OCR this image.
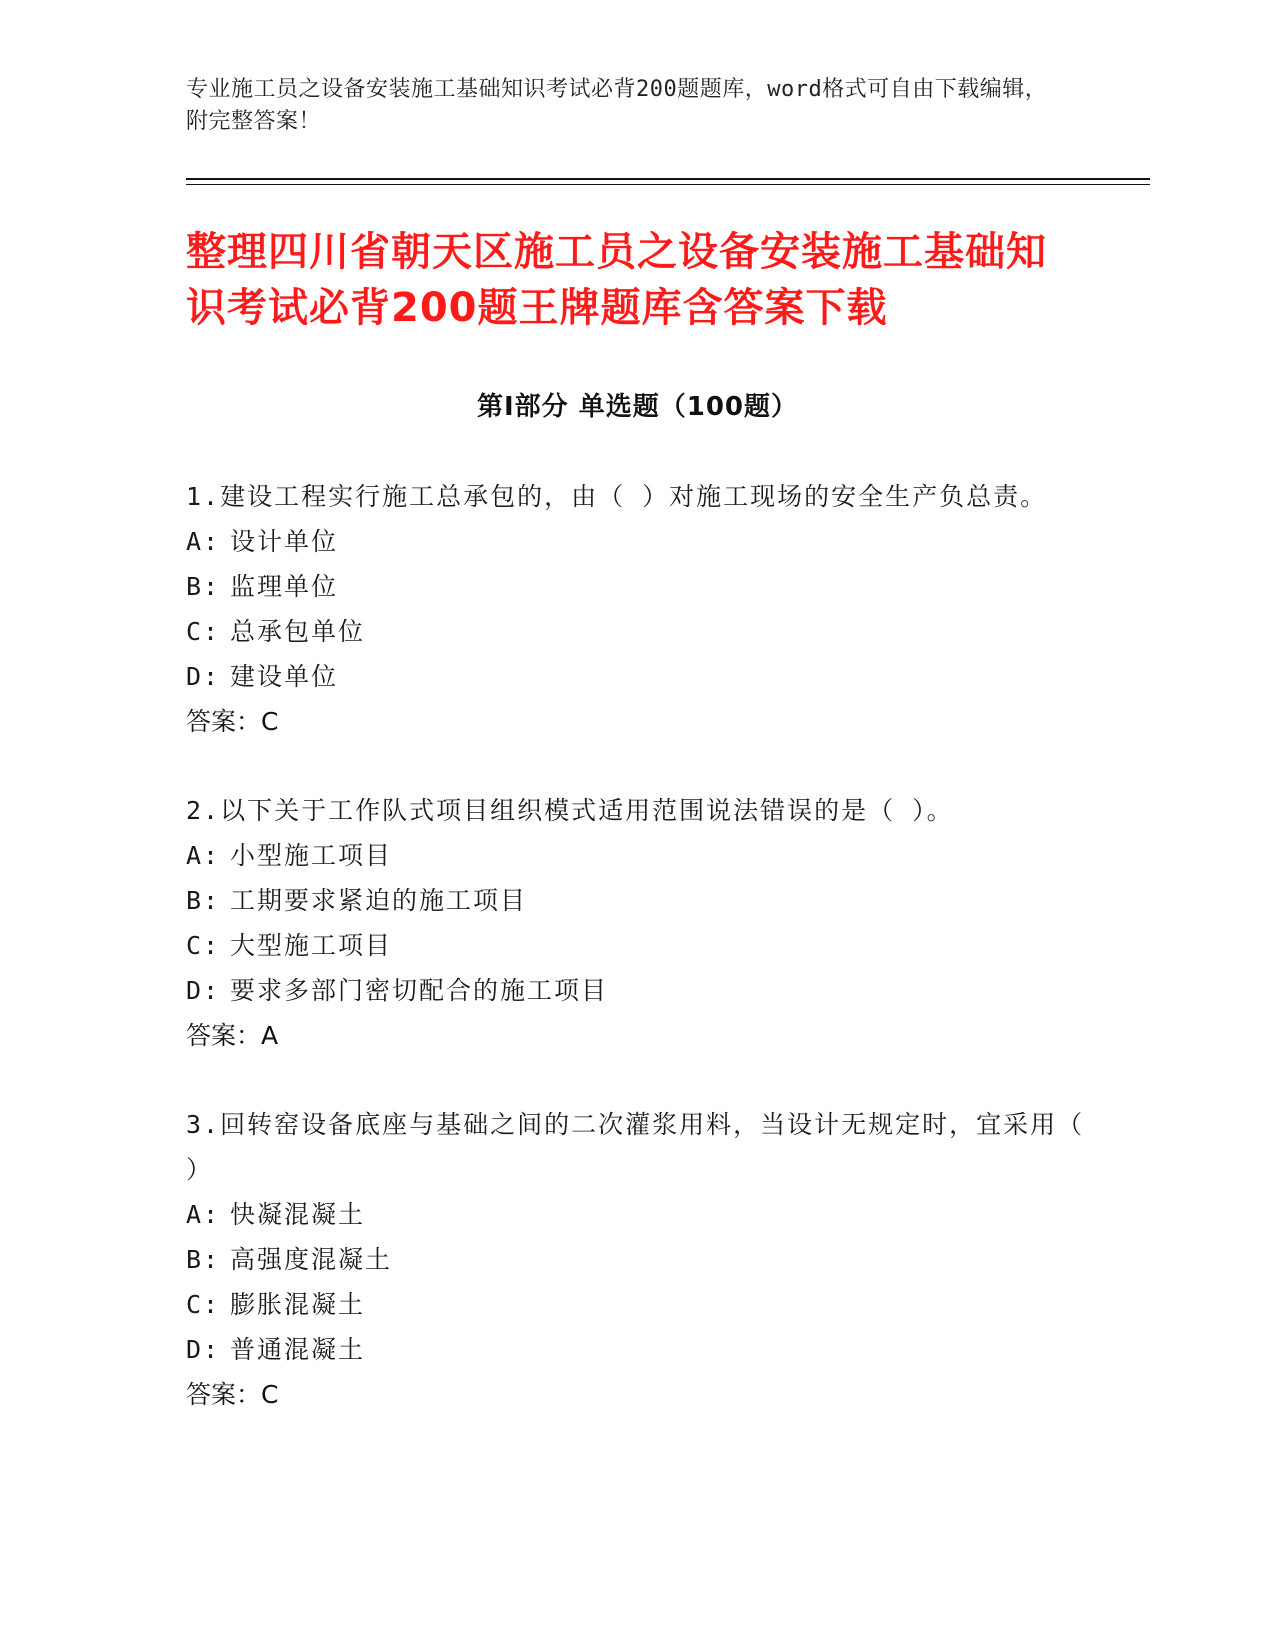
专业施工员之设备安装施工基础知识考试必背200题题库，word格式可自由下载编辑，附完整答案！
整理四川省朝天区施工员之设备安装施工基础知识考试必背200题王牌题库含答案下载
第Ⅰ部分 单选题（100题）
1.建设工程实行施工总承包的，由（ ）对施工现场的安全生产负总责。
A: 设计单位
B: 监理单位
C: 总承包单位
D: 建设单位
答案：C
2.以下关于工作队式项目组织模式适用范围说法错误的是（ ）。
A: 小型施工项目
B: 工期要求紧迫的施工项目
C: 大型施工项目
D: 要求多部门密切配合的施工项目
答案：A
3.回转窑设备底座与基础之间的二次灌浆用料，当设计无规定时，宜采用（ ）
A: 快凝混凝土
B: 高强度混凝土
C: 膨胀混凝土
D: 普通混凝土
答案：C
